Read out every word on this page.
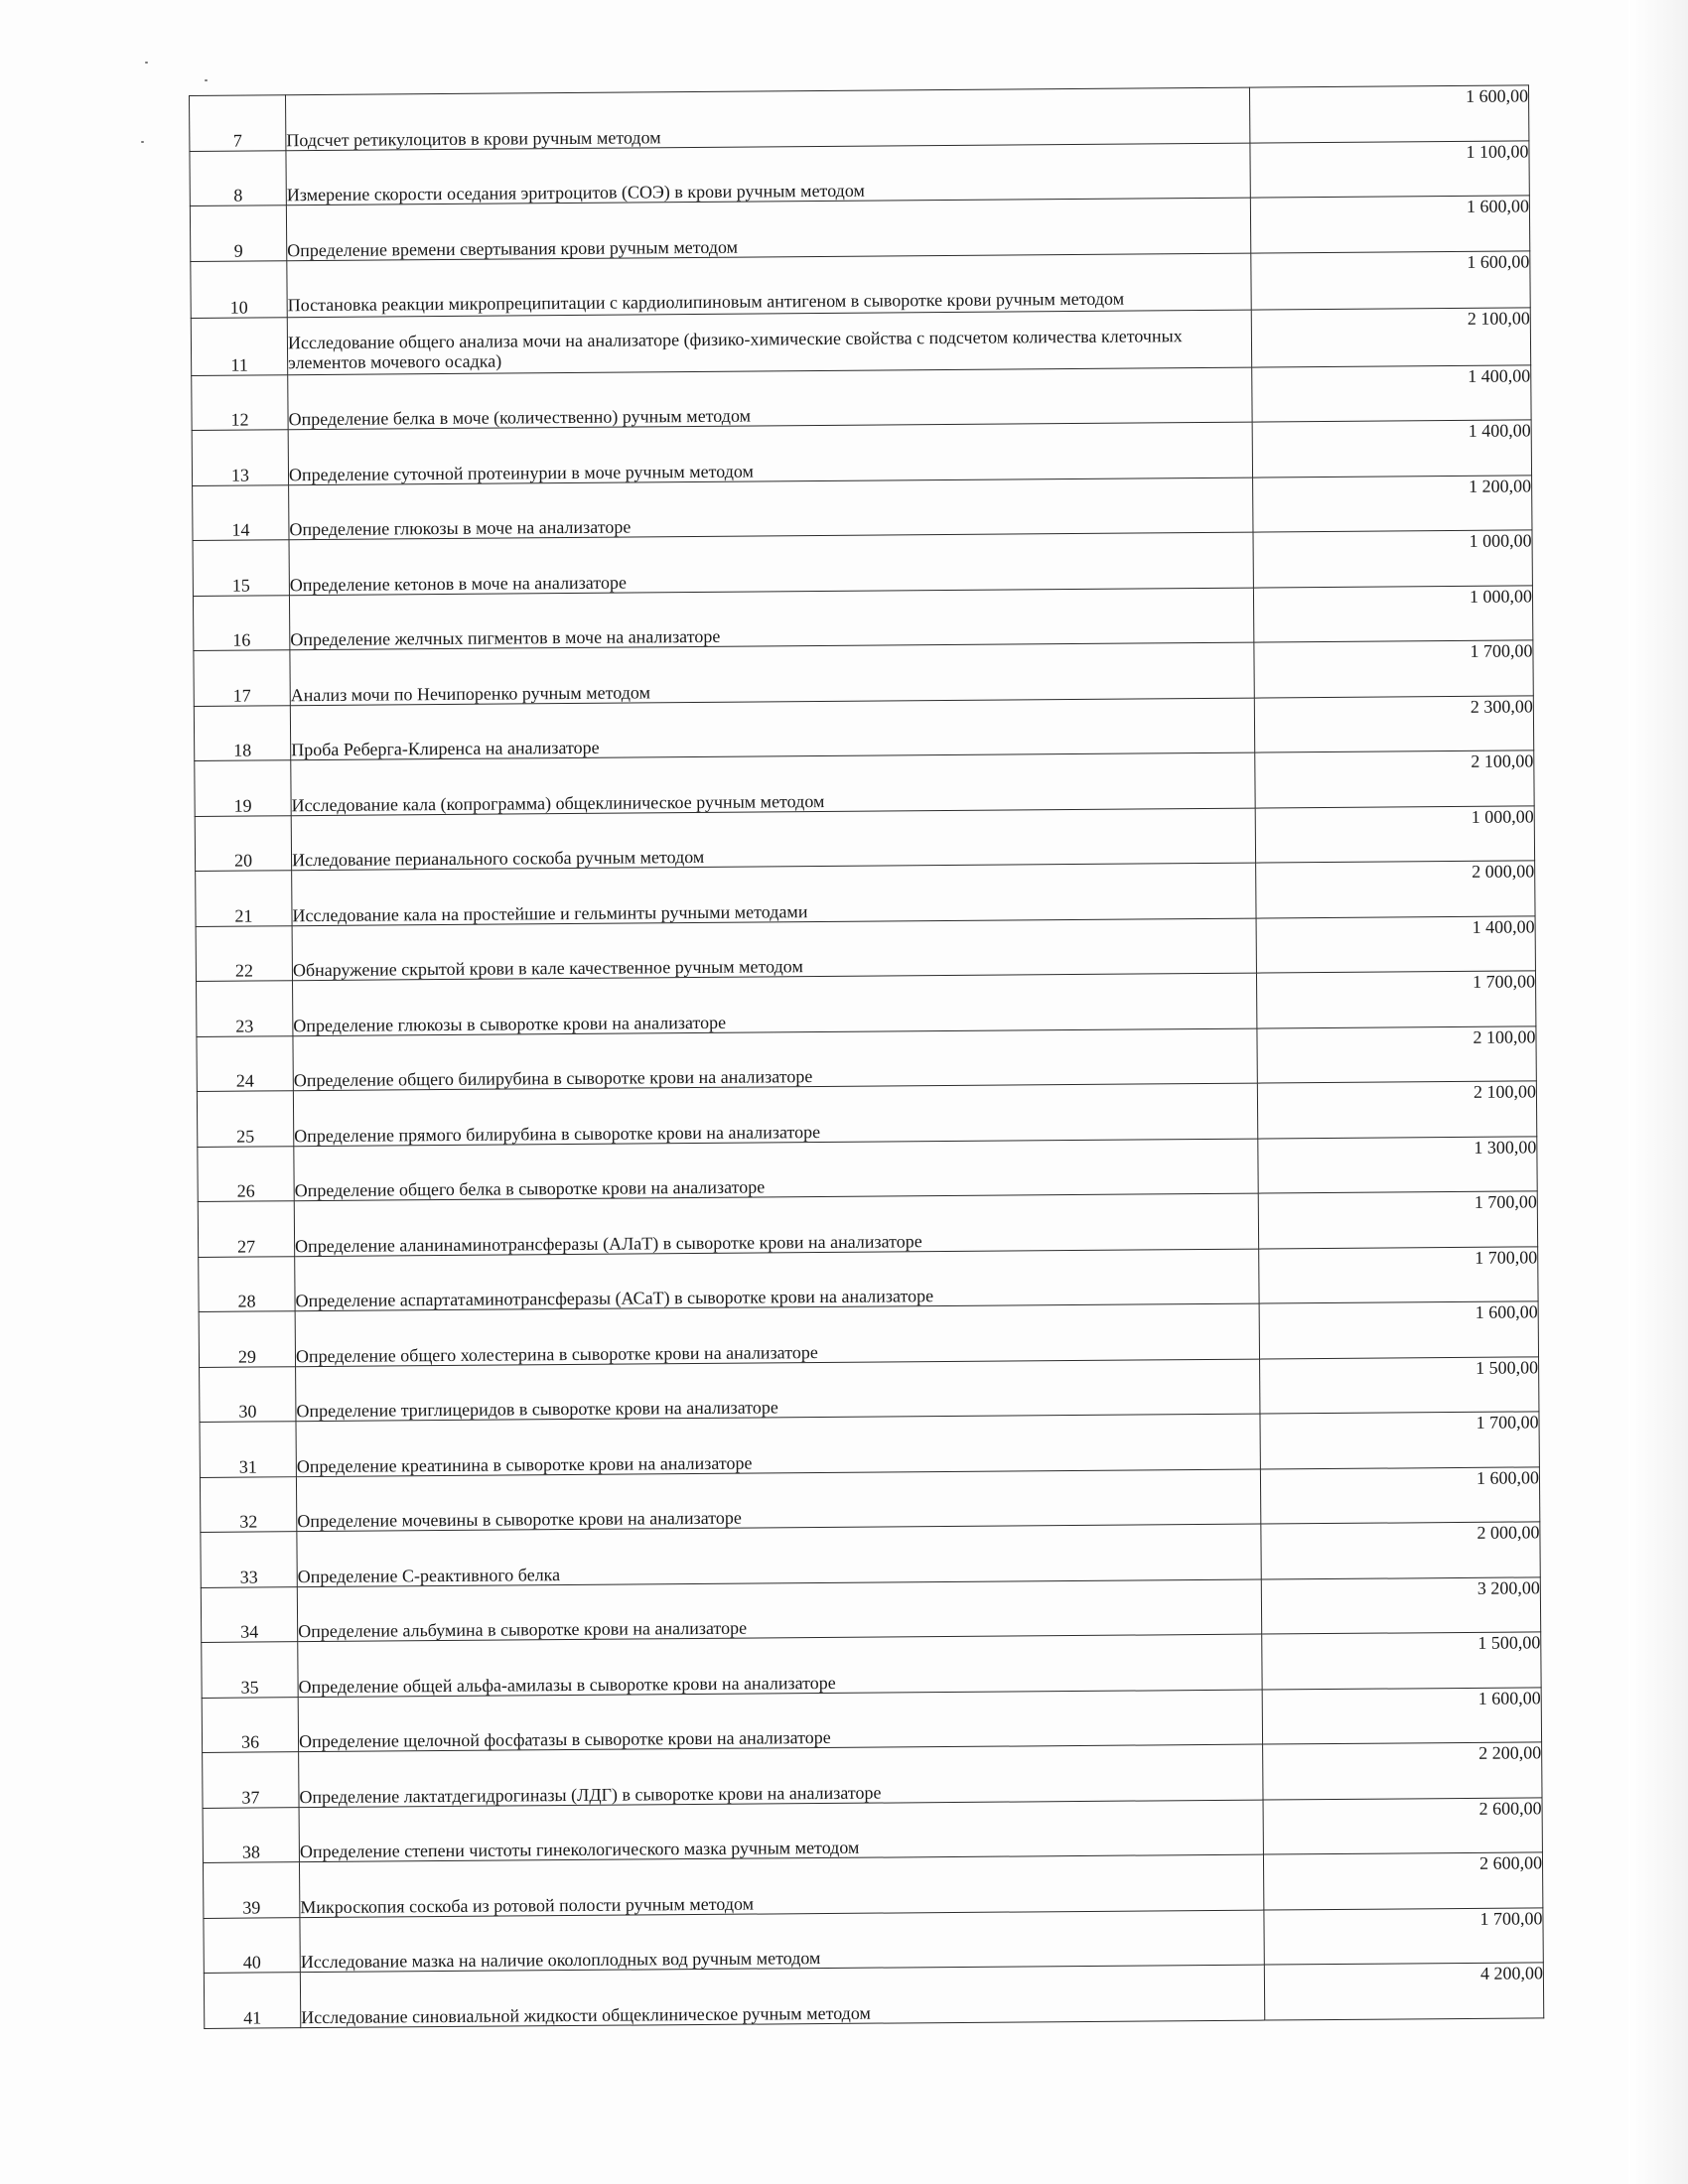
7	Подсчет ретикулоцитов в крови ручным методом	1 600,00
8	Измерение скорости оседания эритроцитов (СОЭ) в крови ручным методом	1 100,00
9	Определение времени свертывания крови ручным методом	1 600,00
10	Постановка реакции микропреципитации с кардиолипиновым антигеном в сыворотке крови ручным методом	1 600,00
11	Исследование общего анализа мочи на анализаторе (физико-химические свойства с подсчетом количества клеточных элементов мочевого осадка)	2 100,00
12	Определение белка в моче (количественно) ручным методом	1 400,00
13	Определение суточной протеинурии в моче ручным методом	1 400,00
14	Определение глюкозы в моче на анализаторе	1 200,00
15	Определение кетонов в моче на анализаторе	1 000,00
16	Определение желчных пигментов в моче на анализаторе	1 000,00
17	Анализ мочи по Нечипоренко ручным методом	1 700,00
18	Проба Реберга-Клиренса на анализаторе	2 300,00
19	Исследование кала (копрограмма) общеклиническое ручным методом	2 100,00
20	Иследование перианального соскоба ручным методом	1 000,00
21	Исследование кала на простейшие и гельминты ручными методами	2 000,00
22	Обнаружение скрытой крови в кале качественное ручным методом	1 400,00
23	Определение глюкозы в сыворотке крови на анализаторе	1 700,00
24	Определение общего билирубина в сыворотке крови на анализаторе	2 100,00
25	Определение прямого билирубина в сыворотке крови на анализаторе	2 100,00
26	Определение общего белка в сыворотке крови на анализаторе	1 300,00
27	Определение аланинаминотрансферазы (АЛаТ) в сыворотке крови на анализаторе	1 700,00
28	Определение аспартатаминотрансферазы (АСаТ) в сыворотке крови на анализаторе	1 700,00
29	Определение общего холестерина в сыворотке крови на анализаторе	1 600,00
30	Определение триглицеридов в сыворотке крови на анализаторе	1 500,00
31	Определение креатинина в сыворотке крови на анализаторе	1 700,00
32	Определение мочевины в сыворотке крови на анализаторе	1 600,00
33	Определение С-реактивного белка	2 000,00
34	Определение альбумина в сыворотке крови на анализаторе	3 200,00
35	Определение общей альфа-амилазы в сыворотке крови на анализаторе	1 500,00
36	Определение щелочной фосфатазы в сыворотке крови на анализаторе	1 600,00
37	Определение лактатдегидрогиназы (ЛДГ) в сыворотке крови на анализаторе	2 200,00
38	Определение степени чистоты гинекологического мазка ручным методом	2 600,00
39	Микроскопия соскоба из ротовой полости ручным методом	2 600,00
40	Исследование мазка на наличие околоплодных вод ручным методом	1 700,00
41	Исследование синовиальной жидкости общеклиническое ручным методом	4 200,00
